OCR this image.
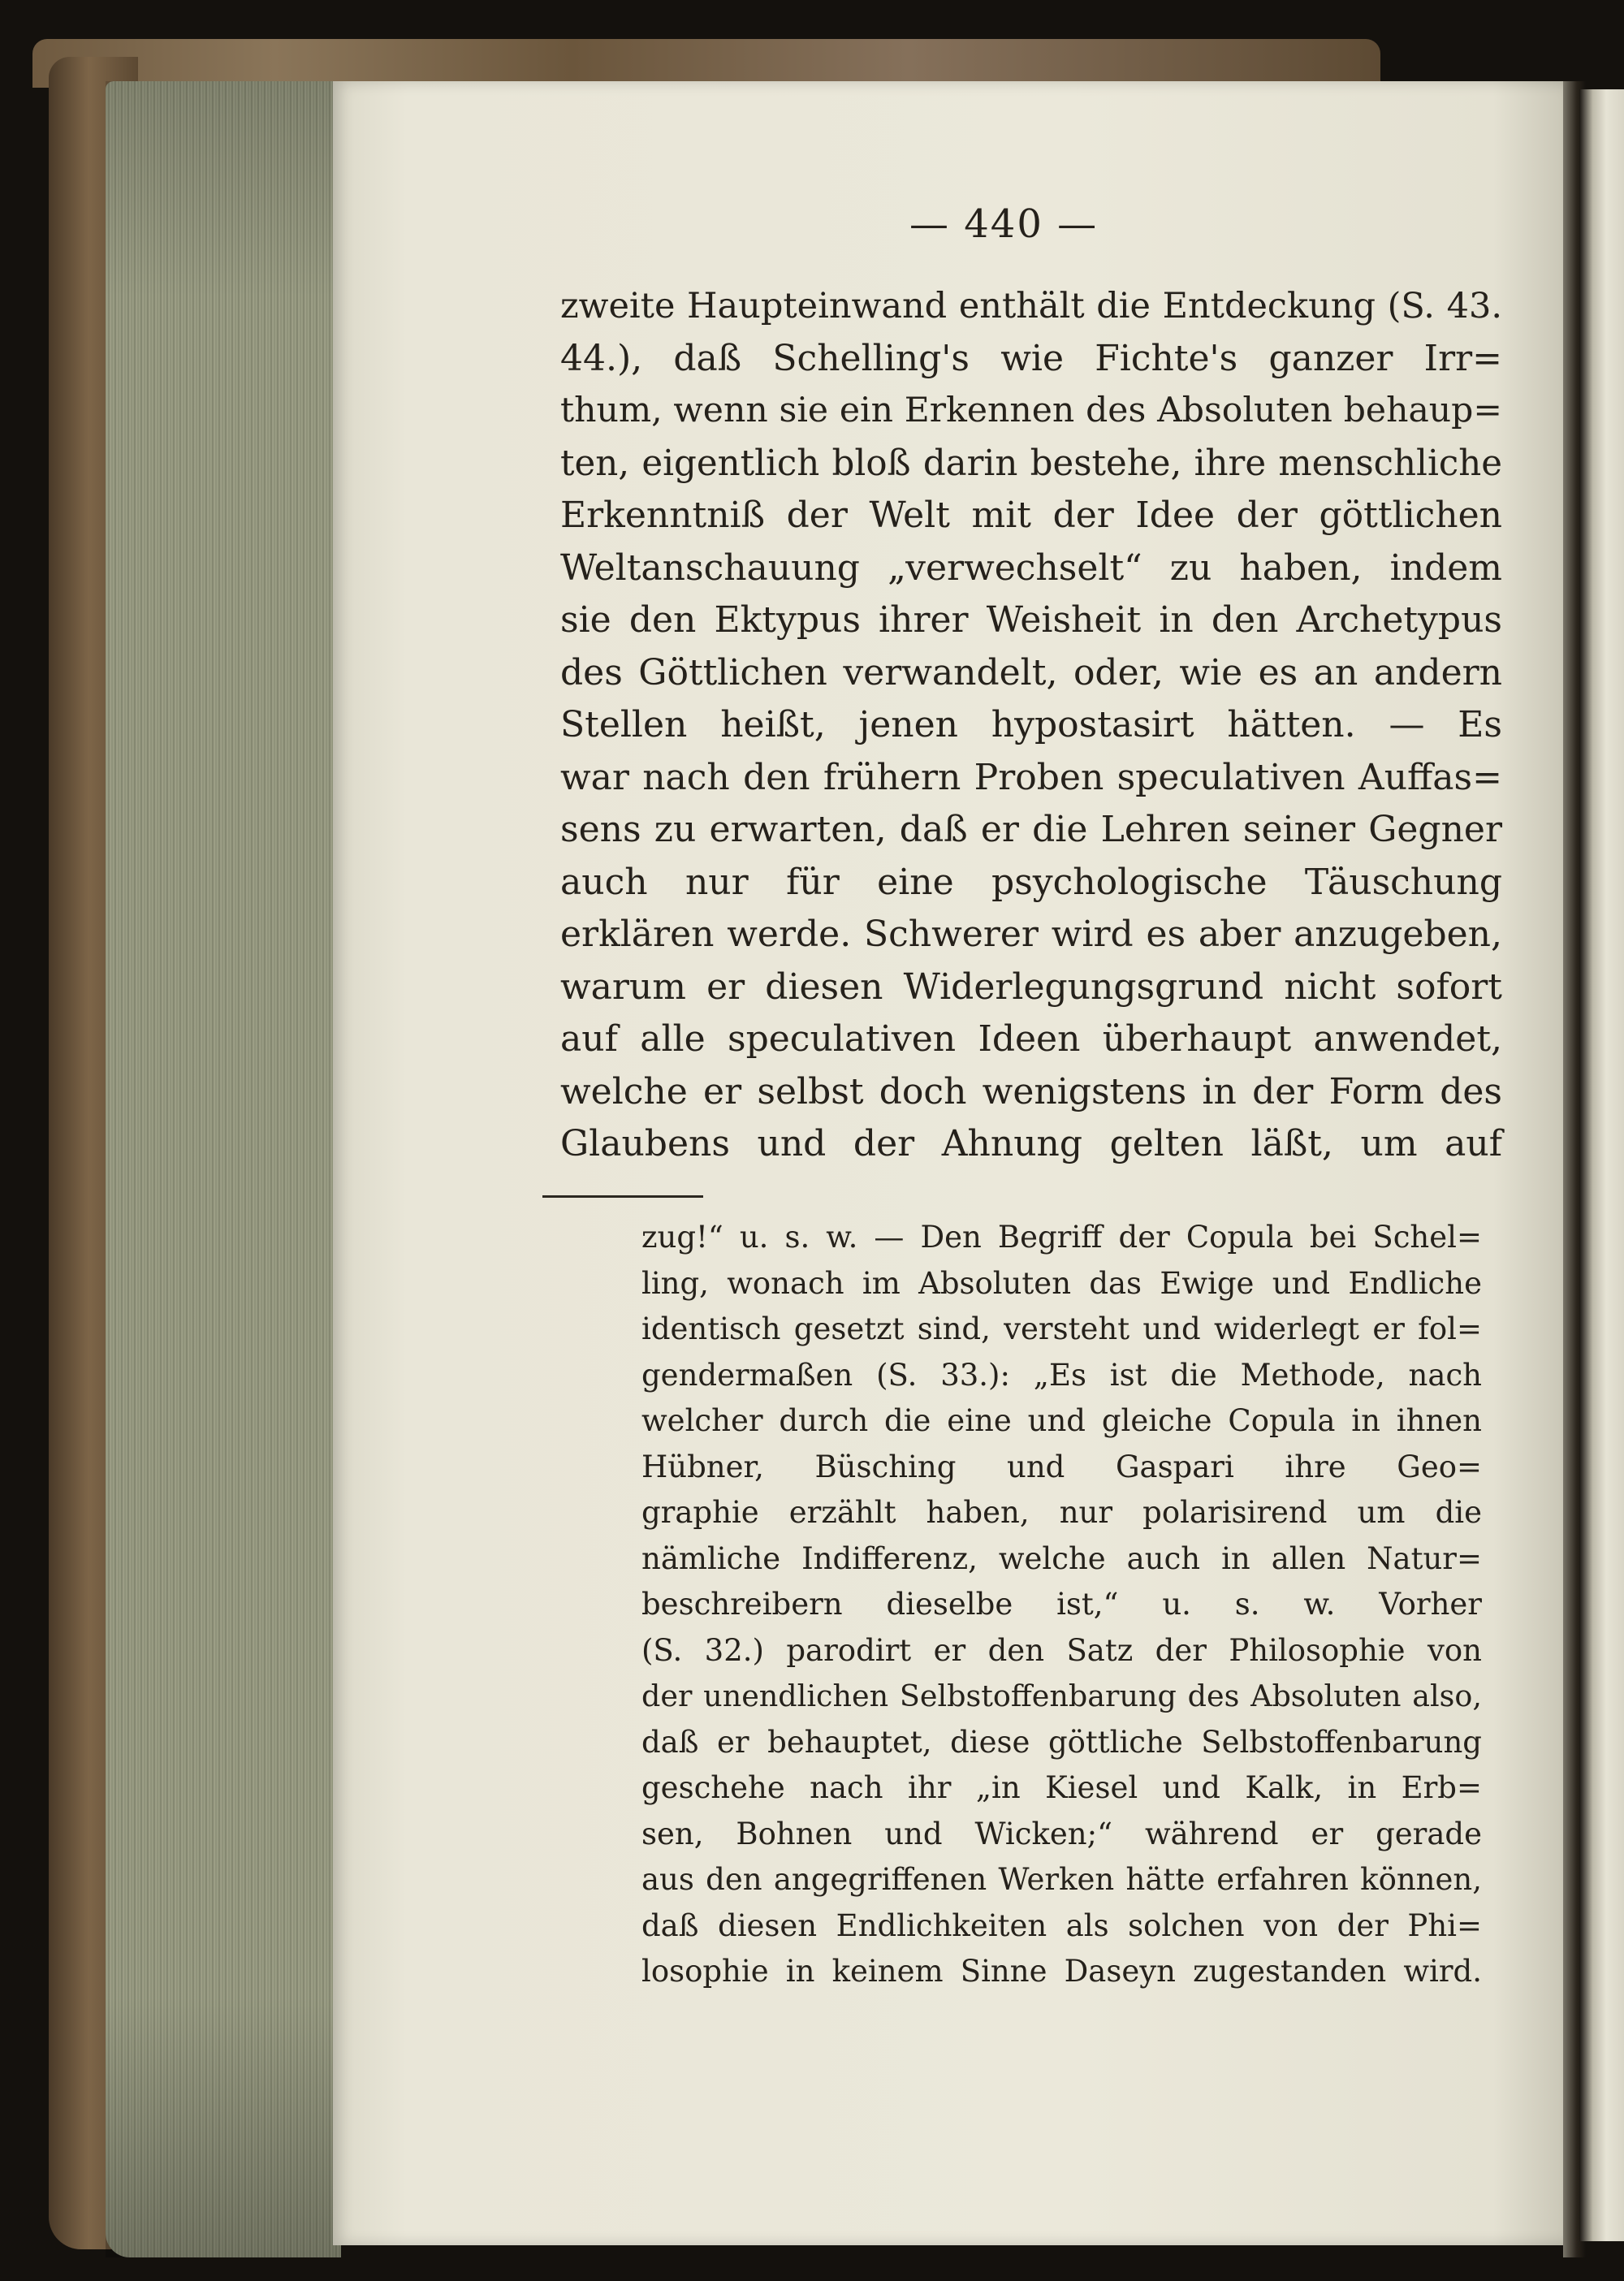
— 440 —
zweite Haupteinwand enthält die Entdeckung (S. 43.
44.), daß Schelling's wie Fichte's ganzer Irr=
thum, wenn sie ein Erkennen des Absoluten behaup=
ten, eigentlich bloß darin bestehe, ihre menschliche
Erkenntniß der Welt mit der Idee der göttlichen
Weltanschauung „verwechselt“ zu haben, indem
sie den Ektypus ihrer Weisheit in den Archetypus
des Göttlichen verwandelt, oder, wie es an andern
Stellen heißt, jenen hypostasirt hätten. — Es
war nach den frühern Proben speculativen Auffas=
sens zu erwarten, daß er die Lehren seiner Gegner
auch nur für eine psychologische Täuschung
erklären werde. Schwerer wird es aber anzugeben,
warum er diesen Widerlegungsgrund nicht sofort
auf alle speculativen Ideen überhaupt anwendet,
welche er selbst doch wenigstens in der Form des
Glaubens und der Ahnung gelten läßt, um auf
zug!“ u. s. w. — Den Begriff der Copula bei Schel=
ling, wonach im Absoluten das Ewige und Endliche
identisch gesetzt sind, versteht und widerlegt er fol=
gendermaßen (S. 33.): „Es ist die Methode, nach
welcher durch die eine und gleiche Copula in ihnen
Hübner, Büsching und Gaspari ihre Geo=
graphie erzählt haben, nur polarisirend um die
nämliche Indifferenz, welche auch in allen Natur=
beschreibern dieselbe ist,“ u. s. w. Vorher
(S. 32.) parodirt er den Satz der Philosophie von
der unendlichen Selbstoffenbarung des Absoluten also,
daß er behauptet, diese göttliche Selbstoffenbarung
geschehe nach ihr „in Kiesel und Kalk, in Erb=
sen, Bohnen und Wicken;“ während er gerade
aus den angegriffenen Werken hätte erfahren können,
daß diesen Endlichkeiten als solchen von der Phi=
losophie in keinem Sinne Daseyn zugestanden wird.
